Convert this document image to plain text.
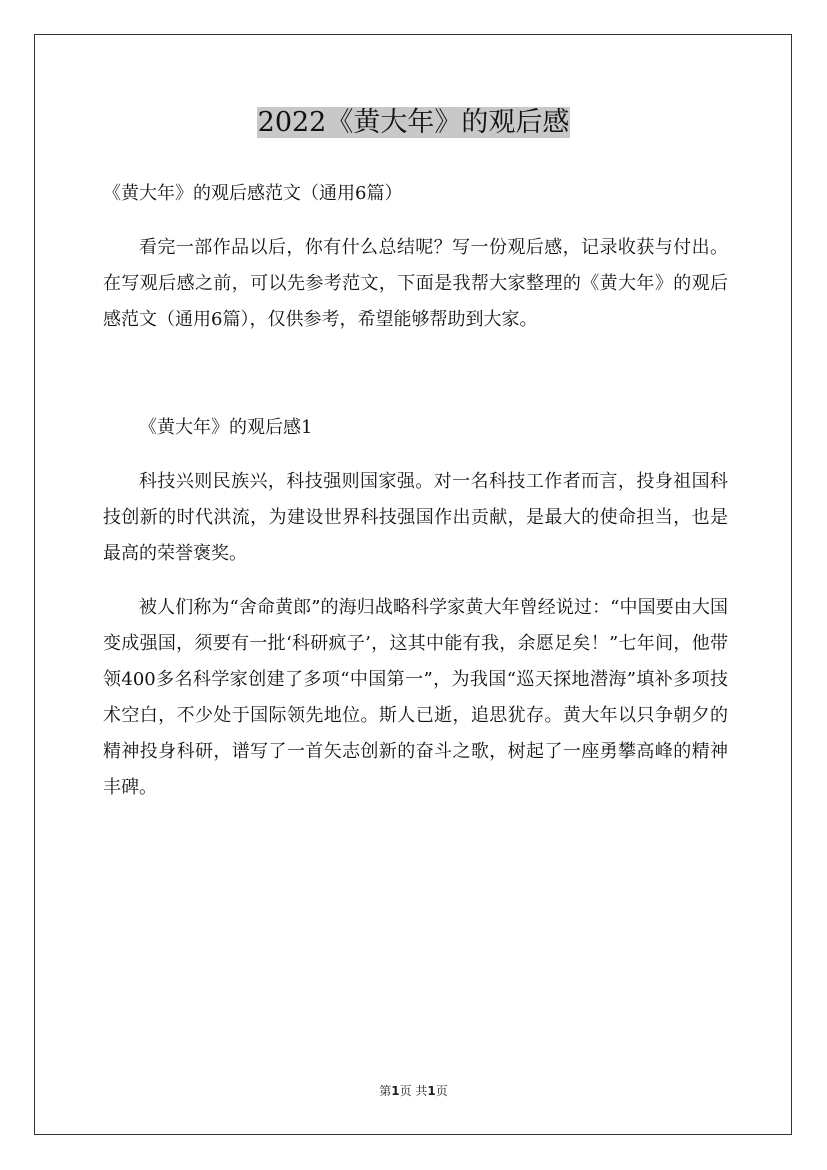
2022《黄大年》的观后感

《黄大年》的观后感范文（通用6篇）

看完一部作品以后，你有什么总结呢？写一份观后感，记录收获与付出。在写观后感之前，可以先参考范文，下面是我帮大家整理的《黄大年》的观后感范文（通用6篇），仅供参考，希望能够帮助到大家。

《黄大年》的观后感1

科技兴则民族兴，科技强则国家强。对一名科技工作者而言，投身祖国科技创新的时代洪流，为建设世界科技强国作出贡献，是最大的使命担当，也是最高的荣誉褒奖。

被人们称为“舍命黄郎”的海归战略科学家黄大年曾经说过：“中国要由大国变成强国，须要有一批‘科研疯子’，这其中能有我，余愿足矣！”七年间，他带领400多名科学家创建了多项“中国第一”，为我国“巡天探地潜海”填补多项技术空白，不少处于国际领先地位。斯人已逝，追思犹存。黄大年以只争朝夕的精神投身科研，谱写了一首矢志创新的奋斗之歌，树起了一座勇攀高峰的精神丰碑。

第1页 共1页
